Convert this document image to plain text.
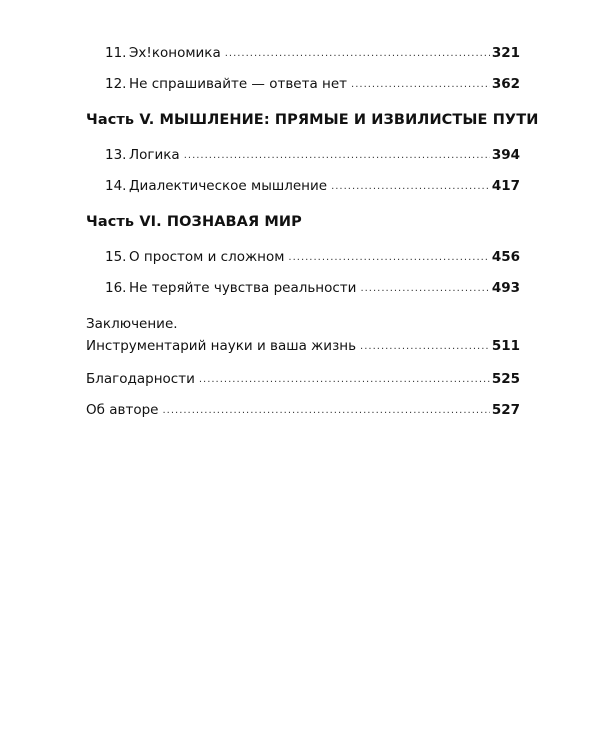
11. Эх!кономика .....	321
12. Не спрашивайте — ответа нет .....	362
Часть V. МЫШЛЕНИЕ: ПРЯМЫЕ И ИЗВИЛИСТЫЕ ПУТИ
13. Логика .....	394
14. Диалектическое мышление .....	417
Часть VI. ПОЗНАВАЯ МИР
15. О простом и сложном .....	456
16. Не теряйте чувства реальности .....	493
Заключение.
Инструментарий науки и ваша жизнь .....	511
Благодарности .....	525
Об авторе .....	527
